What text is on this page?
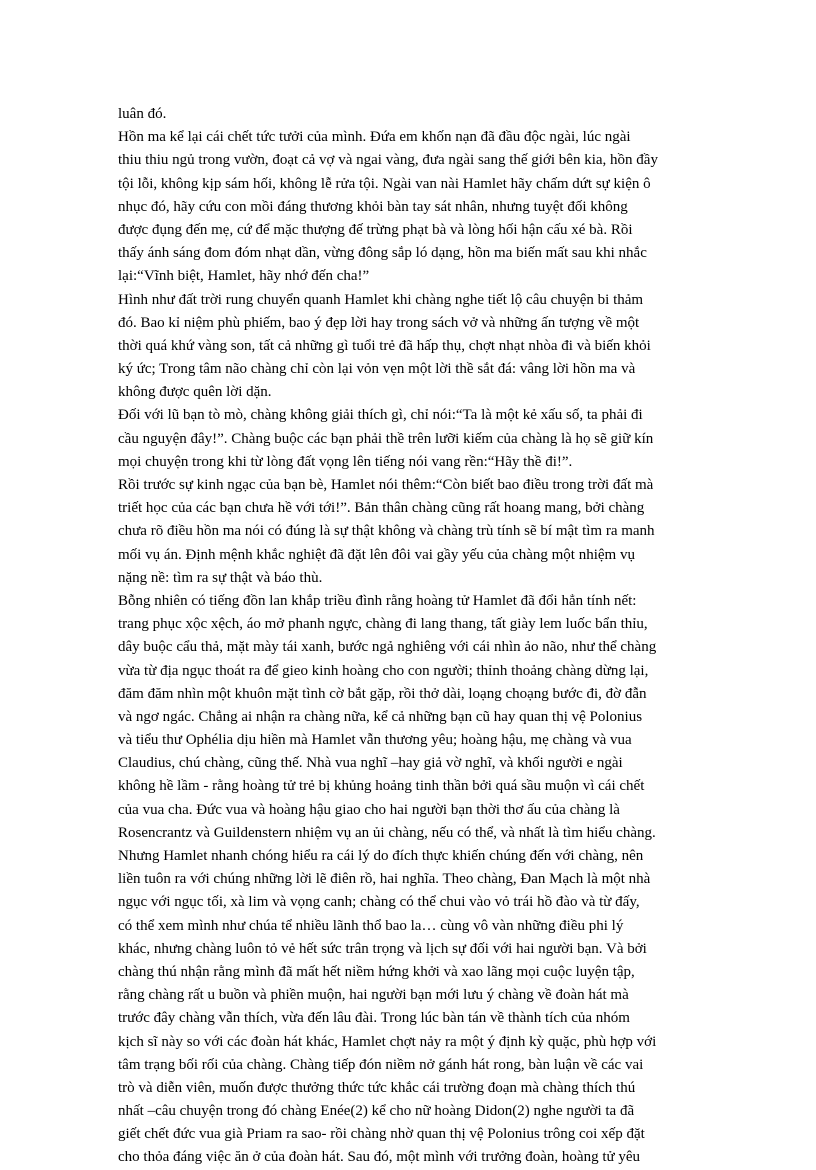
luân đó.
Hồn ma kể lại cái chết tức tưởi của mình. Đứa em khốn nạn đã đầu độc ngài, lúc ngài
thiu thiu ngủ trong vườn, đoạt cả vợ và ngai vàng, đưa ngài sang thế giới bên kia, hồn đầy
tội lỗi, không kịp sám hối, không lễ rửa tội. Ngài van nài Hamlet hãy chấm dứt sự kiện ô
nhục đó, hãy cứu con mồi đáng thương khỏi bàn tay sát nhân, nhưng tuyệt đối không
được đụng đến mẹ, cứ để mặc thượng đế trừng phạt bà và lòng hối hận cấu xé bà. Rồi
thấy ánh sáng đom đóm nhạt dần, vừng đông sắp ló dạng, hồn ma biến mất sau khi nhắc
lại:“Vĩnh biệt, Hamlet, hãy nhớ đến cha!”
Hình như đất trời rung chuyển quanh Hamlet khi chàng nghe tiết lộ câu chuyện bi thảm
đó. Bao kỉ niệm phù phiếm, bao ý đẹp lời hay trong sách vở và những ấn tượng về một
thời quá khứ vàng son, tất cả những gì tuổi trẻ đã hấp thụ, chợt nhạt nhòa đi và biến khỏi
ký ức; Trong tâm não chàng chỉ còn lại vỏn vẹn một lời thề sắt đá: vâng lời hồn ma và
không được quên lời dặn.
Đối với lũ bạn tò mò, chàng không giải thích gì, chỉ nói:“Ta là một kẻ xấu số, ta phải đi
cầu nguyện đây!”. Chàng buộc các bạn phải thề trên lưỡi kiếm của chàng là họ sẽ giữ kín
mọi chuyện trong khi từ lòng đất vọng lên tiếng nói vang rền:“Hãy thề đi!”.
Rồi trước sự kinh ngạc của bạn bè, Hamlet nói thêm:“Còn biết bao điều trong trời đất mà
triết học của các bạn chưa hề với tới!”. Bản thân chàng cũng rất hoang mang, bởi chàng
chưa rõ điều hồn ma nói có đúng là sự thật không và chàng trù tính sẽ bí mật tìm ra manh
mối vụ án. Định mệnh khắc nghiệt đã đặt lên đôi vai gầy yếu của chàng một nhiệm vụ
nặng nề: tìm ra sự thật và báo thù.
Bỗng nhiên có tiếng đồn lan khắp triều đình rằng hoàng tử Hamlet đã đổi hẳn tính nết:
trang phục xộc xệch, áo mở phanh ngực, chàng đi lang thang, tất giày lem luốc bẩn thỉu,
dây buộc cẩu thả, mặt mày tái xanh, bước ngả nghiêng với cái nhìn ảo não, như thể chàng
vừa từ địa ngục thoát ra để gieo kinh hoàng cho con người; thỉnh thoảng chàng dừng lại,
đăm đăm nhìn một khuôn mặt tình cờ bắt gặp, rồi thở dài, loạng choạng bước đi, đờ đẫn
và ngơ ngác. Chẳng ai nhận ra chàng nữa, kể cả những bạn cũ hay quan thị vệ Polonius
và tiểu thư Ophélia dịu hiền mà Hamlet vẫn thương yêu; hoàng hậu, mẹ chàng và vua
Claudius, chú chàng, cũng thế. Nhà vua nghĩ –hay giả vờ nghĩ, và khối người e ngài
không hề lầm - rằng hoàng tử trẻ bị khủng hoảng tinh thần bởi quá sầu muộn vì cái chết
của vua cha. Đức vua và hoàng hậu giao cho hai người bạn thời thơ ấu của chàng là
Rosencrantz và Guildenstern nhiệm vụ an ủi chàng, nếu có thể, và nhất là tìm hiểu chàng.
Nhưng Hamlet nhanh chóng hiểu ra cái lý do đích thực khiến chúng đến với chàng, nên
liền tuôn ra với chúng những lời lẽ điên rồ, hai nghĩa. Theo chàng, Đan Mạch là một nhà
ngục với ngục tối, xà lim và vọng canh; chàng có thể chui vào vỏ trái hồ đào và từ đấy,
có thể xem mình như chúa tể nhiều lãnh thổ bao la… cùng vô vàn những điều phi lý
khác, nhưng chàng luôn tỏ vẻ hết sức trân trọng và lịch sự đối với hai người bạn. Và bởi
chàng thú nhận rằng mình đã mất hết niềm hứng khởi và xao lãng mọi cuộc luyện tập,
rằng chàng rất u buồn và phiền muộn, hai người bạn mới lưu ý chàng về đoàn hát mà
trước đây chàng vẫn thích, vừa đến lâu đài. Trong lúc bàn tán về thành tích của nhóm
kịch sĩ này so với các đoàn hát khác, Hamlet chợt nảy ra một ý định kỳ quặc, phù hợp với
tâm trạng bối rối của chàng. Chàng tiếp đón niềm nở gánh hát rong, bàn luận về các vai
trò và diễn viên, muốn được thưởng thức tức khắc cái trường đoạn mà chàng thích thú
nhất –câu chuyện trong đó chàng Enée(2) kể cho nữ hoàng Didon(2) nghe người ta đã
giết chết đức vua già Priam ra sao- rồi chàng nhờ quan thị vệ Polonius trông coi xếp đặt
cho thỏa đáng việc ăn ở của đoàn hát. Sau đó, một mình với trưởng đoàn, hoàng tử yêu
